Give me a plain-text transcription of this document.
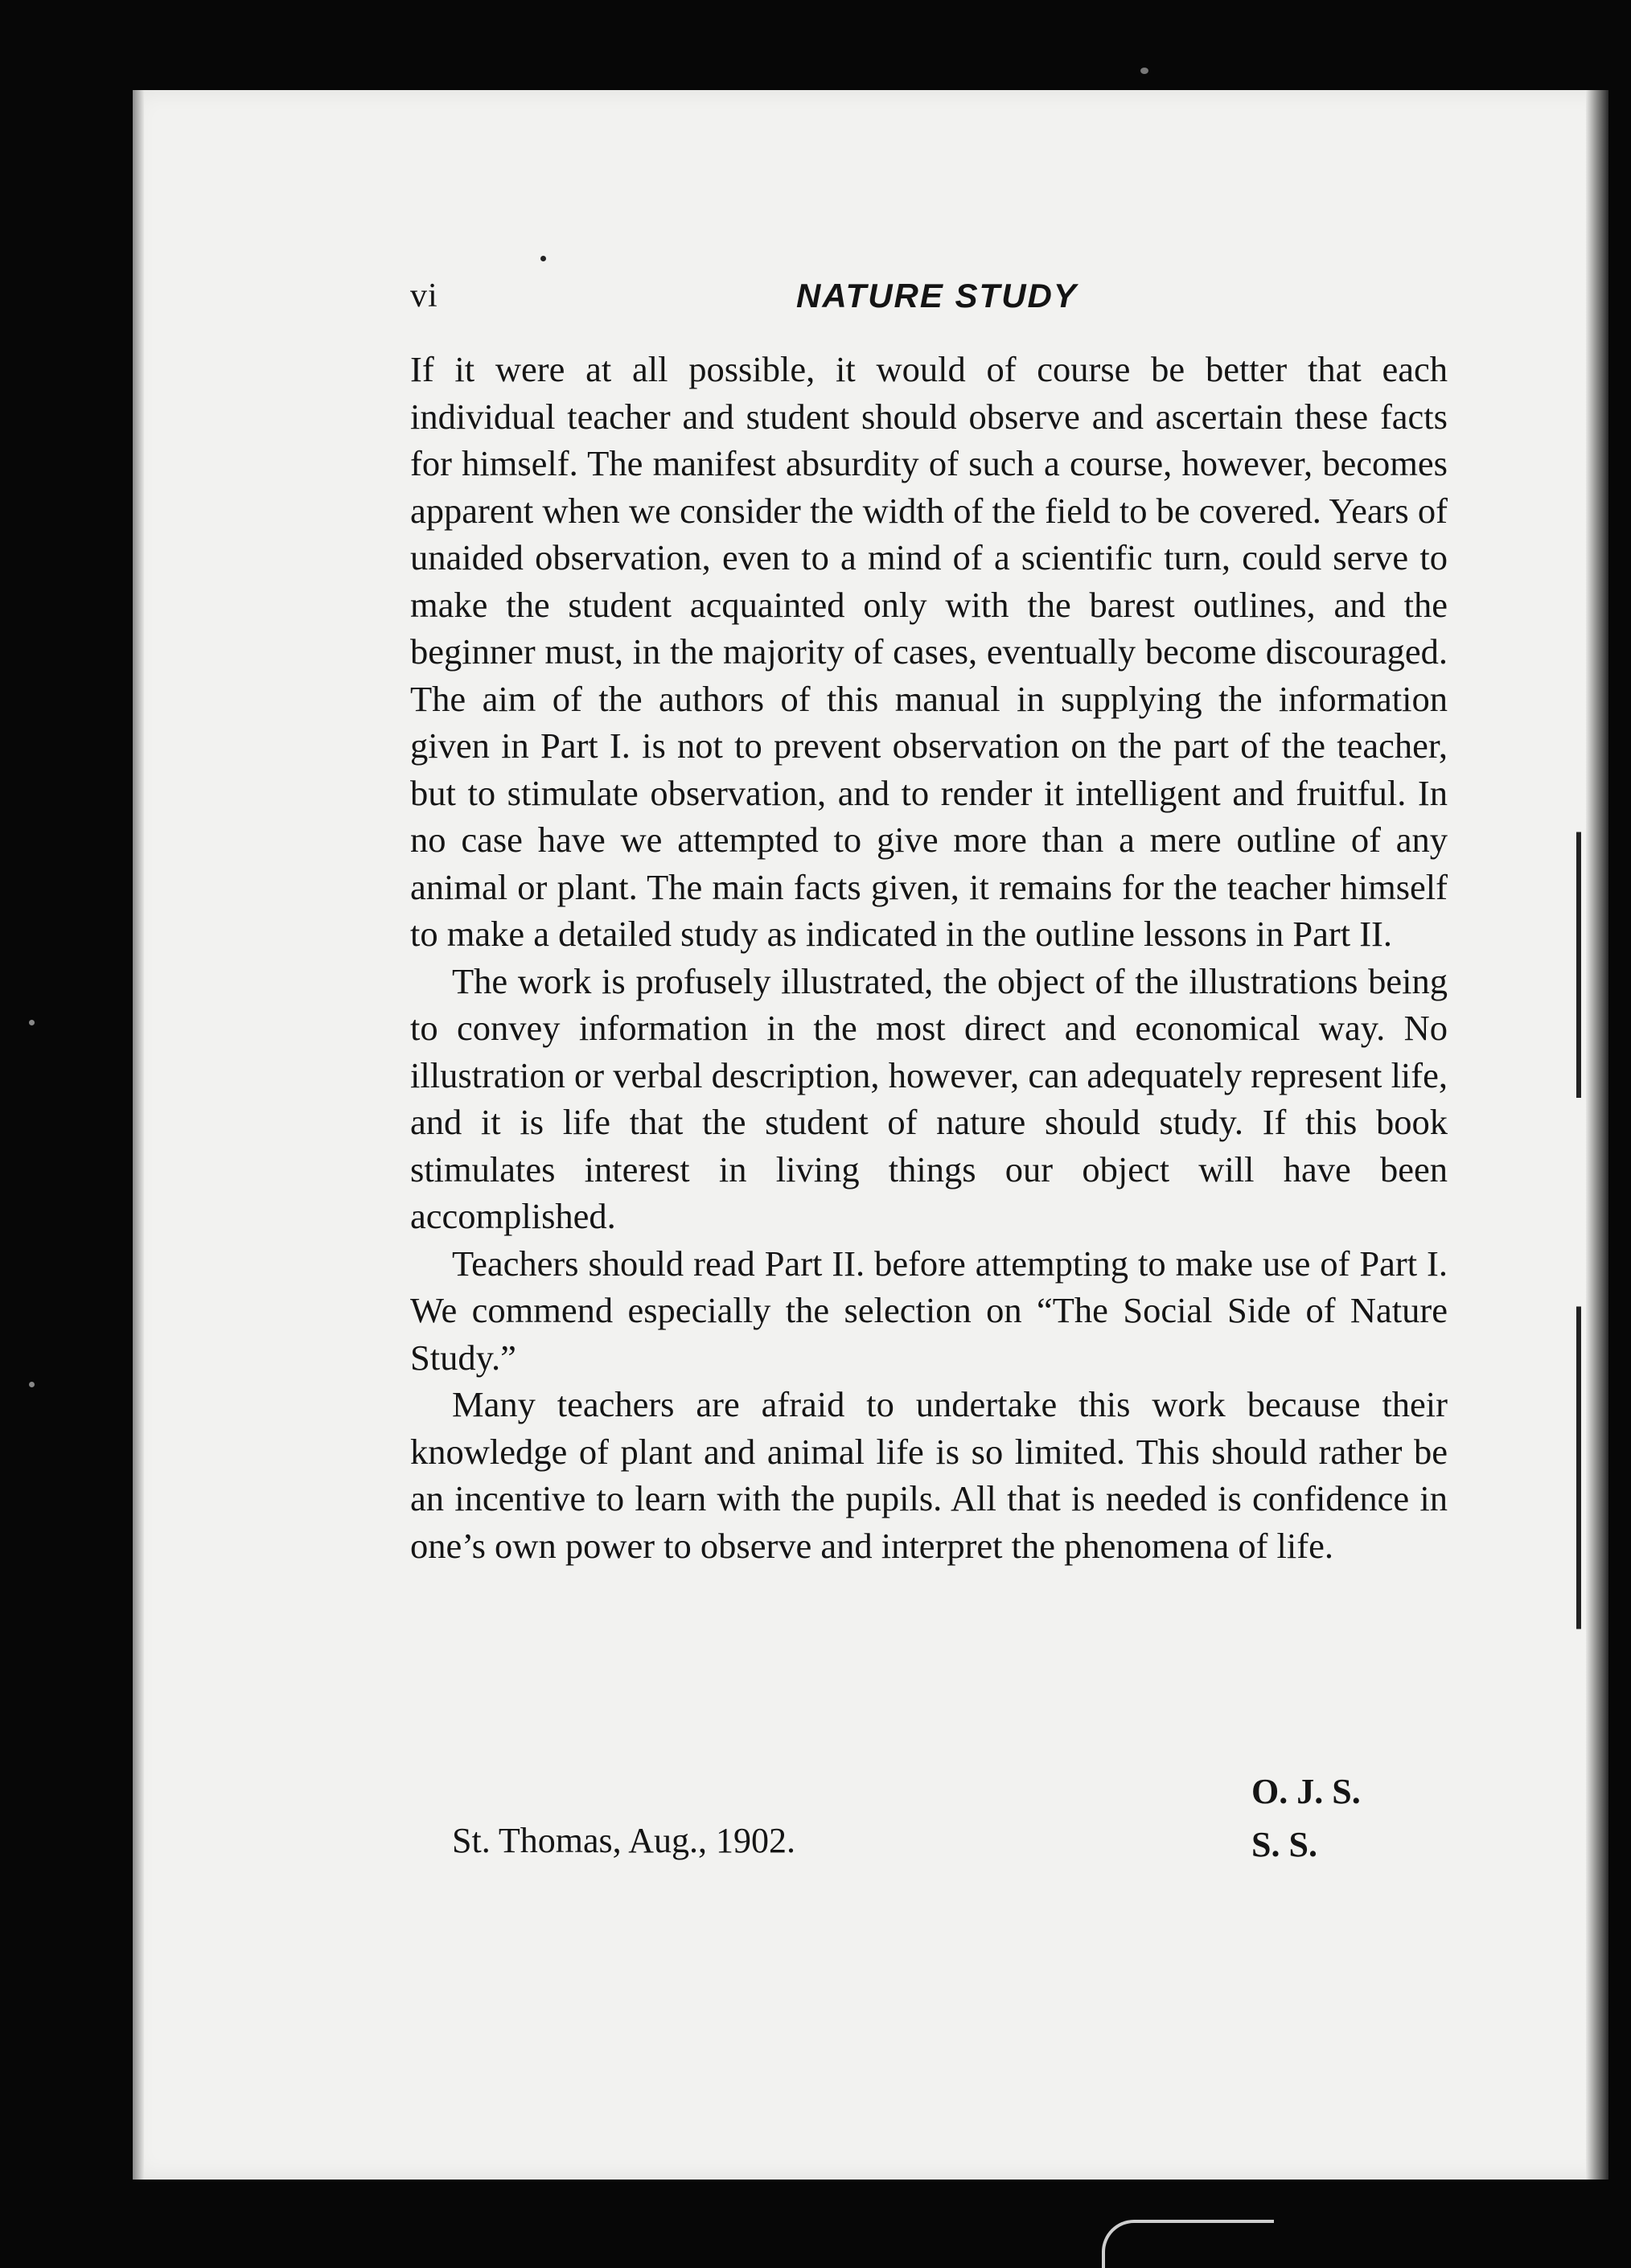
vi	NATURE STUDY

If it were at all possible, it would of course be better that each individual teacher and student should observe and ascertain these facts for himself. The manifest absurdity of such a course, however, becomes apparent when we consider the width of the field to be covered. Years of unaided observation, even to a mind of a scientific turn, could serve to make the student acquainted only with the barest outlines, and the beginner must, in the majority of cases, eventually become discouraged. The aim of the authors of this manual in supplying the information given in Part I. is not to prevent observation on the part of the teacher, but to stimulate observation, and to render it intelligent and fruitful. In no case have we attempted to give more than a mere outline of any animal or plant. The main facts given, it remains for the teacher himself to make a detailed study as indicated in the outline lessons in Part II.

The work is profusely illustrated, the object of the illustrations being to convey information in the most direct and economical way. No illustration or verbal description, however, can adequately represent life, and it is life that the student of nature should study. If this book stimulates interest in living things our object will have been accomplished.

Teachers should read Part II. before attempting to make use of Part I. We commend especially the selection on “The Social Side of Nature Study.”

Many teachers are afraid to undertake this work because their knowledge of plant and animal life is so limited. This should rather be an incentive to learn with the pupils. All that is needed is confidence in one’s own power to observe and interpret the phenomena of life.

St. Thomas, Aug., 1902.
O. J. S.
S. S.
